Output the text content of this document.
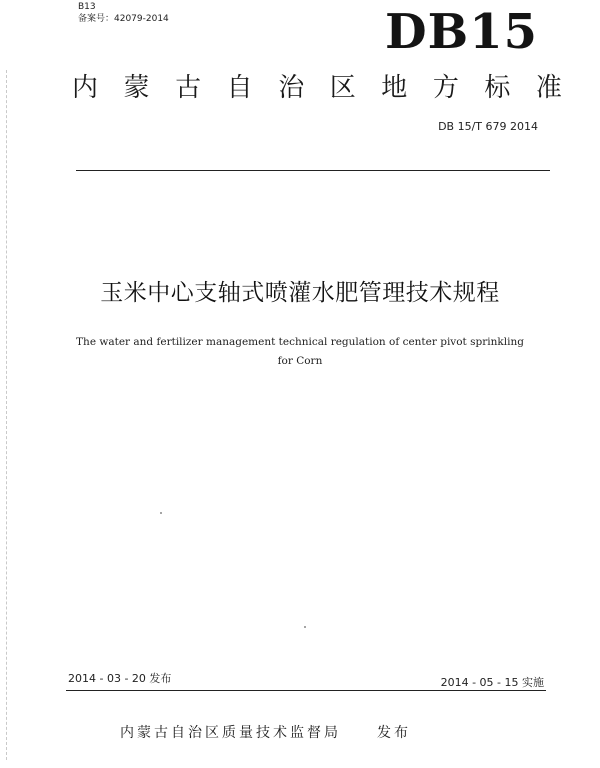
B13
备案号：42079-2014	DB15
内 蒙 古 自 治 区 地 方 标 准
DB 15/T 679 2014
玉米中心支轴式喷灌水肥管理技术规程
The water and fertilizer management technical regulation of center pivot sprinkling
for Corn
2014 - 03 - 20 发布	2014 - 05 - 15 实施
内蒙古自治区质量技术监督局	发布
